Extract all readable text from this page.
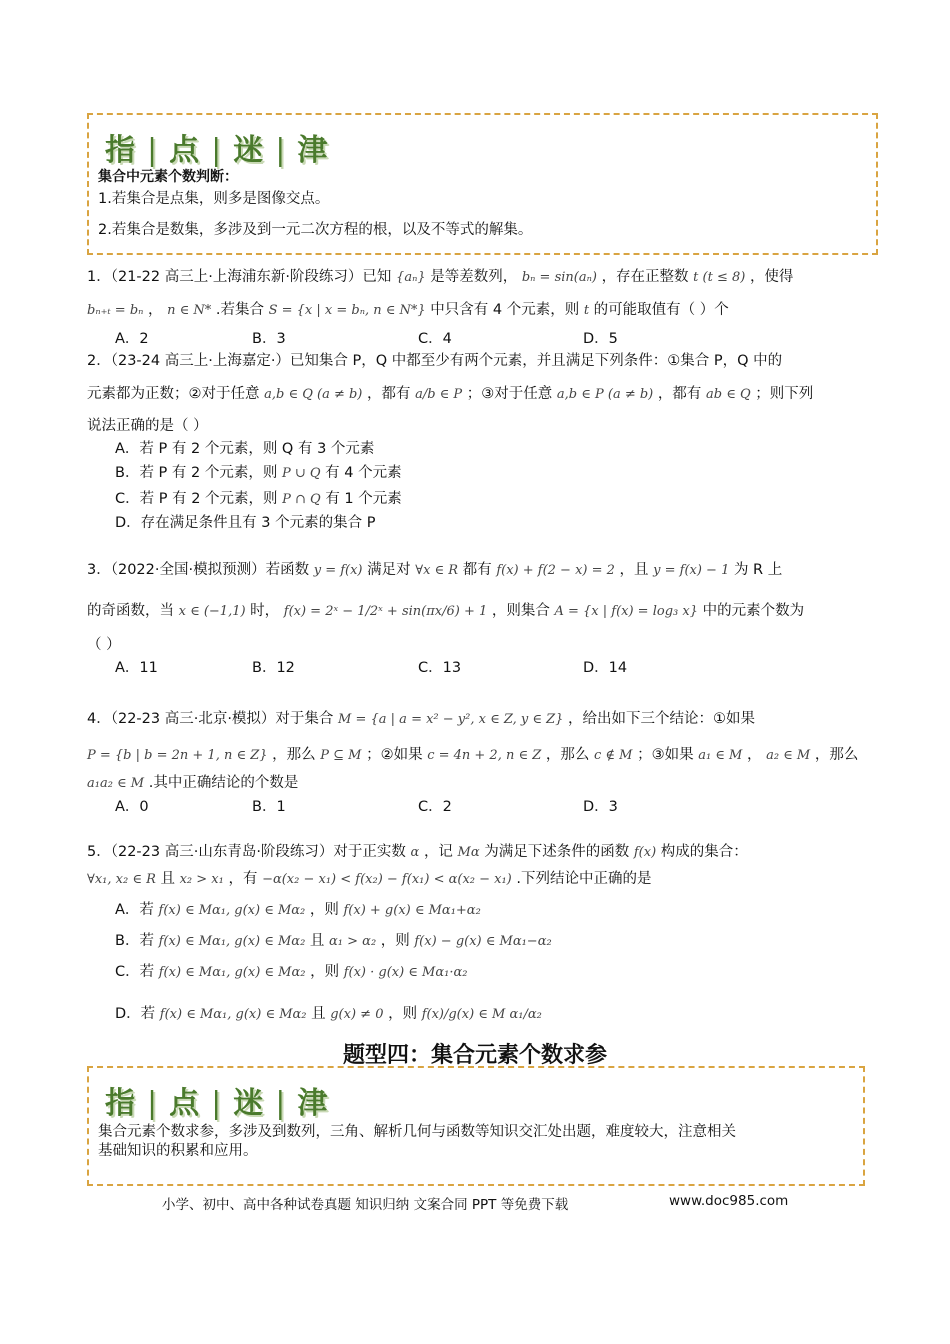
指 | 点 | 迷 | 津
集合中元素个数判断：
1.若集合是点集，则多是图像交点。
2.若集合是数集，多涉及到一元二次方程的根，以及不等式的解集。
1．（21-22 高三上·上海浦东新·阶段练习）已知 {aₙ} 是等差数列， bₙ = sin(aₙ) ，存在正整数 t (t ≤ 8) ，使得
bₙ₊ₜ = bₙ ， n ∈ N* .若集合 S = {x | x = bₙ, n ∈ N*} 中只含有 4 个元素，则 t 的可能取值有（ ）个
A．2	B．3	C．4	D．5
2．（23-24 高三上·上海嘉定·）已知集合 P，Q 中都至少有两个元素，并且满足下列条件：①集合 P，Q 中的
元素都为正数；②对于任意 a,b ∈ Q (a ≠ b) ，都有 a/b ∈ P ；③对于任意 a,b ∈ P (a ≠ b) ，都有 ab ∈ Q ；则下列
说法正确的是（ ）
A．若 P 有 2 个元素，则 Q 有 3 个元素
B．若 P 有 2 个元素，则 P ∪ Q 有 4 个元素
C．若 P 有 2 个元素，则 P ∩ Q 有 1 个元素
D．存在满足条件且有 3 个元素的集合 P
3．（2022·全国·模拟预测）若函数 y = f(x) 满足对 ∀x ∈ R 都有 f(x) + f(2 − x) = 2 ，且 y = f(x) − 1 为 R 上
的奇函数，当 x ∈ (−1,1) 时， f(x) = 2ˣ − 1/2ˣ + sin(πx/6) + 1 ，则集合 A = {x | f(x) = log₃ x} 中的元素个数为
（ ）
A．11	B．12	C．13	D．14
4．（22-23 高三·北京·模拟）对于集合 M = {a | a = x² − y², x ∈ Z, y ∈ Z} ，给出如下三个结论：①如果
P = {b | b = 2n + 1, n ∈ Z} ，那么 P ⊆ M ；②如果 c = 4n + 2, n ∈ Z ，那么 c ∉ M ；③如果 a₁ ∈ M ， a₂ ∈ M ，那么
a₁a₂ ∈ M .其中正确结论的个数是
A．0	B．1	C．2	D．3
5．（22-23 高三·山东青岛·阶段练习）对于正实数 α ，记 Mα 为满足下述条件的函数 f(x) 构成的集合：
∀x₁, x₂ ∈ R 且 x₂ > x₁ ，有 −α(x₂ − x₁) < f(x₂) − f(x₁) < α(x₂ − x₁) .下列结论中正确的是
A．若 f(x) ∈ Mα₁, g(x) ∈ Mα₂ ，则 f(x) + g(x) ∈ Mα₁+α₂
B．若 f(x) ∈ Mα₁, g(x) ∈ Mα₂ 且 α₁ > α₂ ，则 f(x) − g(x) ∈ Mα₁−α₂
C．若 f(x) ∈ Mα₁, g(x) ∈ Mα₂ ，则 f(x) · g(x) ∈ Mα₁·α₂
D．若 f(x) ∈ Mα₁, g(x) ∈ Mα₂ 且 g(x) ≠ 0 ，则 f(x)/g(x) ∈ M α₁/α₂
题型四：集合元素个数求参
指 | 点 | 迷 | 津
集合元素个数求参，多涉及到数列，三角、解析几何与函数等知识交汇处出题，难度较大，注意相关
基础知识的积累和应用。
小学、初中、高中各种试卷真题 知识归纳 文案合同 PPT 等免费下载	www.doc985.com
